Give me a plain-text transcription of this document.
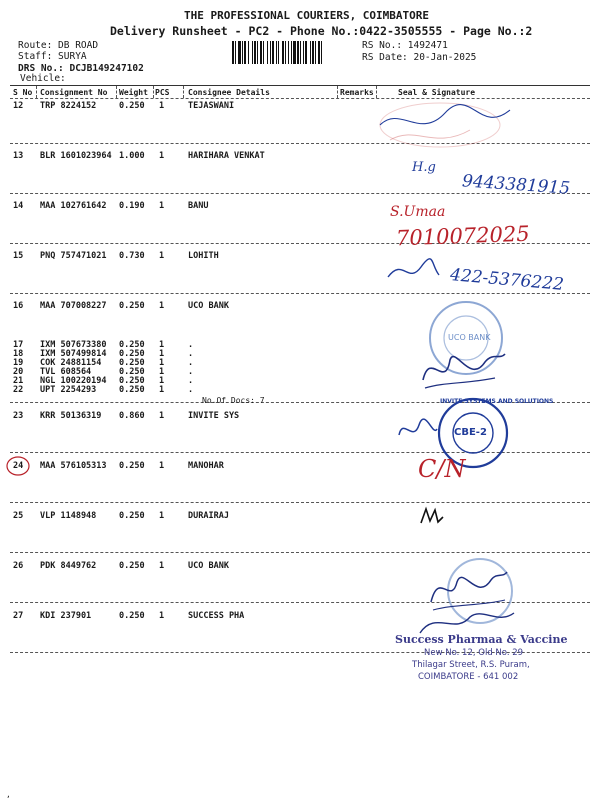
THE PROFESSIONAL COURIERS, COIMBATORE
Delivery Runsheet - PC2 - Phone No.:0422-3505555 - Page No.:2
Route: DB ROAD
Staff: SURYA
DRS No.: DCJB149247102
Vehicle:
RS No.: 1492471
RS Date: 20-Jan-2025
S No Consignment No Weight PCS Consignee Details	Remarks	Seal & Signature
12 TRP 8224152	0.250 1	TEJASWANI
13 BLR 1601023964 1.000 1	HARIHARA VENKAT
14 MAA 102761642 0.190 1	BANU
15 PNQ 757471021 0.730 1	LOHITH
16 MAA 707008227 0.250 1	UCO BANK
17 IXM 507673380 0.250 1	.
18 IXM 507499814 0.250 1	.
19 COK 24881154 0.250 1	.
20 TVL 608564	0.250 1	.
21 NGL 100220194 0.250 1	.
22 UPT 2254293	0.250 1	.
23 KRR 50136319 0.860 1	INVITE SYS
24 MAA 576105313 0.250 1	MANOHAR
25 VLP 1148948	0.250 1	DURAIRAJ
26 PDK 8449762	0.250 1	UCO BANK
27 KDI 237901	0.250 1	SUCCESS PHA
No.Of Docs: 7
H.g
9443381915
S.Umaa
7010072025
422-5376222
UCO BANK
CBE-2
INVITE SYSTEMS AND SOLUTIONS
C/N
Success Pharmaa & Vaccine
New No. 12, Old No. 29
Thilagar Street, R.S. Puram,
COIMBATORE - 641 002
,
